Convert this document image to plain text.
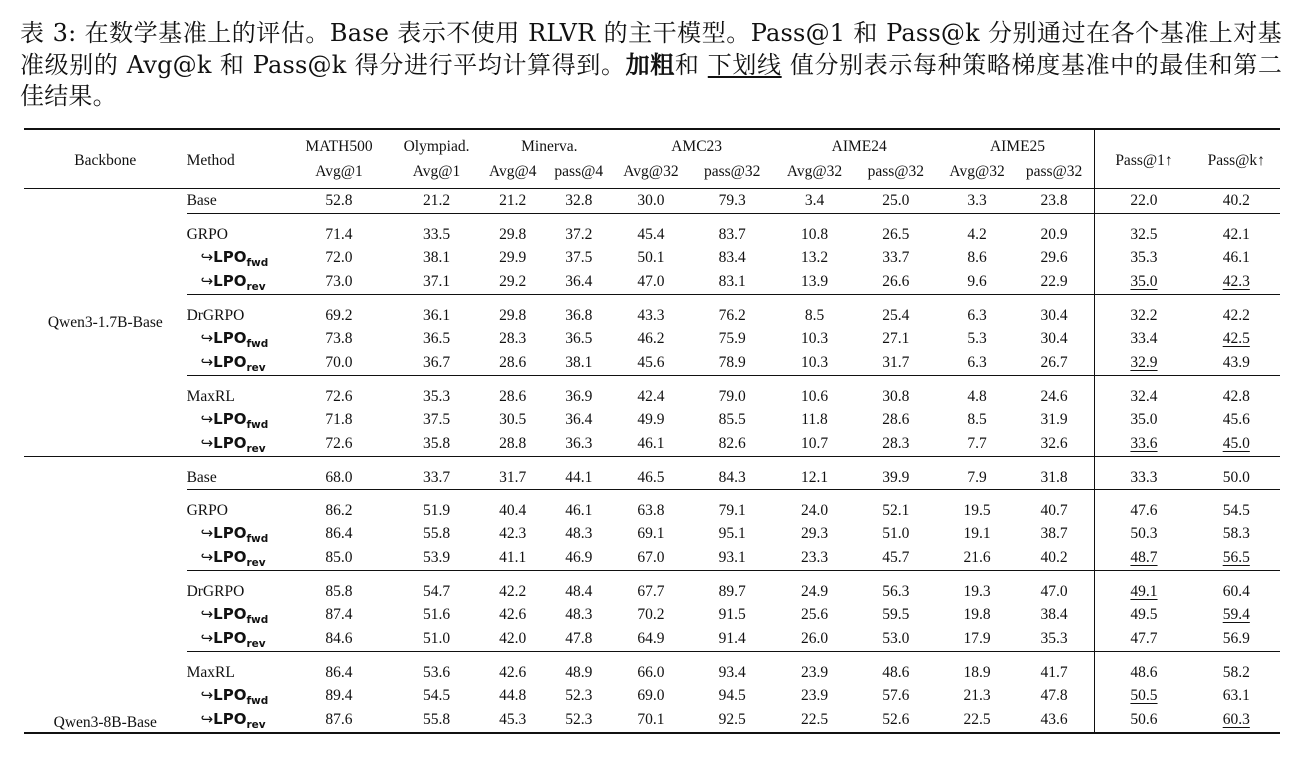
表 3: 在数学基准上的评估。Base 表示不使用 RLVR 的主干模型。Pass@1 和 Pass@k 分别通过在各个基准上对基准级别的 Avg@k 和 Pass@k 得分进行平均计算得到。加粗和 下划线 值分别表示每种策略梯度基准中的最佳和第二佳结果。
Backbone	Method	MATH500	Olympiad.	Minerva.		AMC23		AIME24		AIME25		Pass@1↑	Pass@k↑
		Avg@1	Avg@1	Avg@4	pass@4	Avg@32	pass@32	Avg@32	pass@32	Avg@32	pass@32		
Qwen3-1.7B-Base	Base	52.8	21.2	21.2	32.8	30.0	79.3	3.4	25.0	3.3	23.8	22.0	40.2
	GRPO	71.4	33.5	29.8	37.2	45.4	83.7	10.8	26.5	4.2	20.9	32.5	42.1
	$↪LPO_{fwd}$	72.0	38.1	29.9	37.5	50.1	83.4	13.2	33.7	8.6	29.6	35.3	46.1
	$↪LPO_{rev}$	73.0	37.1	29.2	36.4	47.0	83.1	13.9	26.6	9.6	22.9	35.0	42.3
	DrGRPO	69.2	36.1	29.8	36.8	43.3	76.2	8.5	25.4	6.3	30.4	32.2	42.2
	$↪LPO_{fwd}$	73.8	36.5	28.3	36.5	46.2	75.9	10.3	27.1	5.3	30.4	33.4	42.5
	$↪LPO_{rev}$	70.0	36.7	28.6	38.1	45.6	78.9	10.3	31.7	6.3	26.7	32.9	43.9
	MaxRL	72.6	35.3	28.6	36.9	42.4	79.0	10.6	30.8	4.8	24.6	32.4	42.8
	$↪LPO_{fwd}$	71.8	37.5	30.5	36.4	49.9	85.5	11.8	28.6	8.5	31.9	35.0	45.6
	$↪LPO_{rev}$	72.6	35.8	28.8	36.3	46.1	82.6	10.7	28.3	7.7	32.6	33.6	45.0
Qwen3-8B-Base	Base	68.0	33.7	31.7	44.1	46.5	84.3	12.1	39.9	7.9	31.8	33.3	50.0
	GRPO	86.2	51.9	40.4	46.1	63.8	79.1	24.0	52.1	19.5	40.7	47.6	54.5
	$↪LPO_{fwd}$	86.4	55.8	42.3	48.3	69.1	95.1	29.3	51.0	19.1	38.7	50.3	58.3
	$↪LPO_{rev}$	85.0	53.9	41.1	46.9	67.0	93.1	23.3	45.7	21.6	40.2	48.7	56.5
	DrGRPO	85.8	54.7	42.2	48.4	67.7	89.7	24.9	56.3	19.3	47.0	49.1	60.4
	$↪LPO_{fwd}$	87.4	51.6	42.6	48.3	70.2	91.5	25.6	59.5	19.8	38.4	49.5	59.4
	$↪LPO_{rev}$	84.6	51.0	42.0	47.8	64.9	91.4	26.0	53.0	17.9	35.3	47.7	56.9
	MaxRL	86.4	53.6	42.6	48.9	66.0	93.4	23.9	48.6	18.9	41.7	48.6	58.2
	$↪LPO_{fwd}$	89.4	54.5	44.8	52.3	69.0	94.5	23.9	57.6	21.3	47.8	50.5	63.1
	$↪LPO_{rev}$	87.6	55.8	45.3	52.3	70.1	92.5	22.5	52.6	22.5	43.6	50.6	60.3
